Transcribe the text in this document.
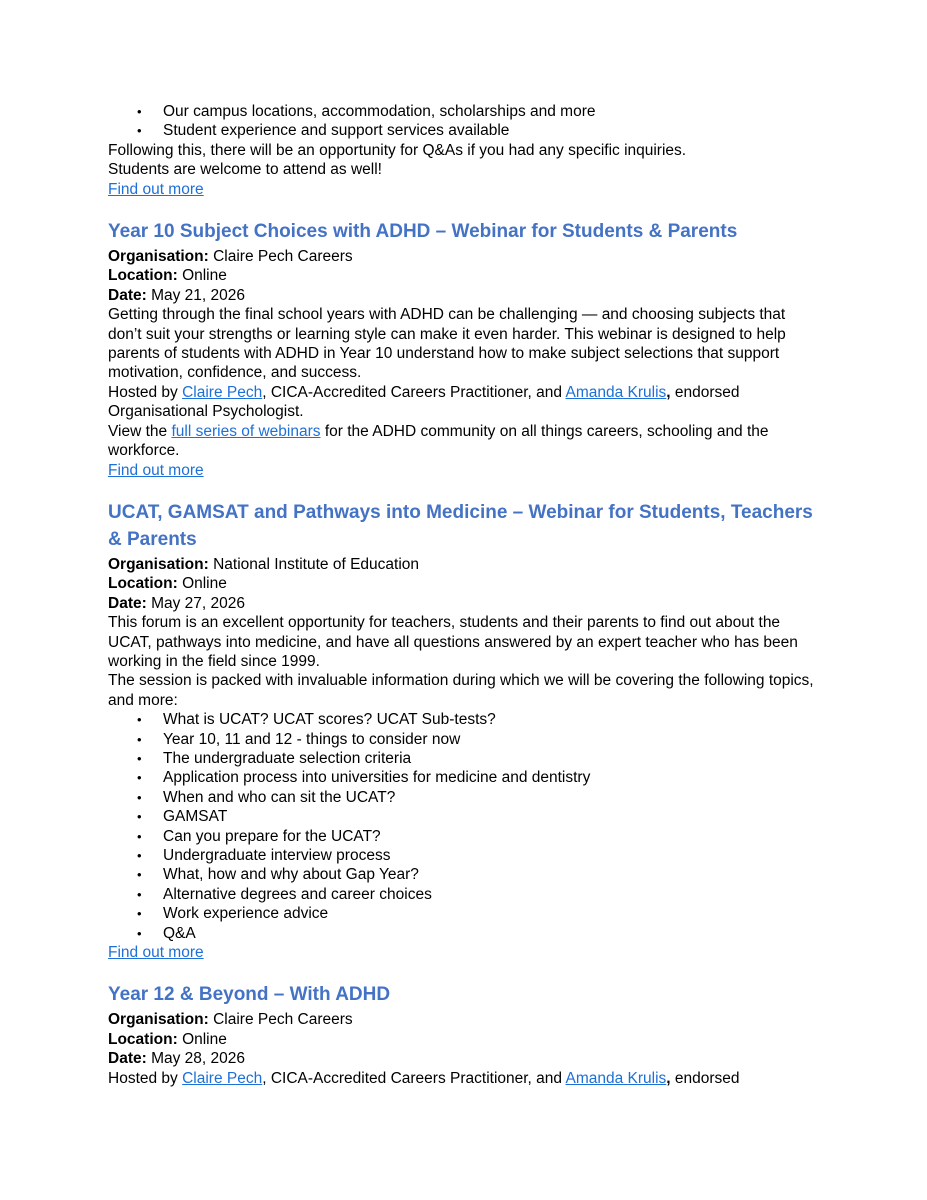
•	Our campus locations, accommodation, scholarships and more
•	Student experience and support services available

Following this, there will be an opportunity for Q&As if you had any specific inquiries.

Students are welcome to attend as well!

Find out more

Year 10 Subject Choices with ADHD – Webinar for Students & Parents

Organisation: Claire Pech Careers

Location: Online

Date: May 21, 2026

Getting through the final school years with ADHD can be challenging — and choosing subjects that don’t suit your strengths or learning style can make it even harder. This webinar is designed to help parents of students with ADHD in Year 10 understand how to make subject selections that support motivation, confidence, and success.

Hosted by Claire Pech, CICA-Accredited Careers Practitioner, and Amanda Krulis, endorsed Organisational Psychologist.

View the full series of webinars for the ADHD community on all things careers, schooling and the workforce.

Find out more

UCAT, GAMSAT and Pathways into Medicine – Webinar for Students, Teachers & Parents

Organisation: National Institute of Education

Location: Online

Date: May 27, 2026

This forum is an excellent opportunity for teachers, students and their parents to find out about the UCAT, pathways into medicine, and have all questions answered by an expert teacher who has been working in the field since 1999.

The session is packed with invaluable information during which we will be covering the following topics, and more:

•	What is UCAT? UCAT scores? UCAT Sub-tests?
•	Year 10, 11 and 12 - things to consider now
•	The undergraduate selection criteria
•	Application process into universities for medicine and dentistry
•	When and who can sit the UCAT?
•	GAMSAT
•	Can you prepare for the UCAT?
•	Undergraduate interview process
•	What, how and why about Gap Year?
•	Alternative degrees and career choices
•	Work experience advice
•	Q&A

Find out more

Year 12 & Beyond – With ADHD

Organisation: Claire Pech Careers

Location: Online

Date: May 28, 2026

Hosted by Claire Pech, CICA-Accredited Careers Practitioner, and Amanda Krulis, endorsed
